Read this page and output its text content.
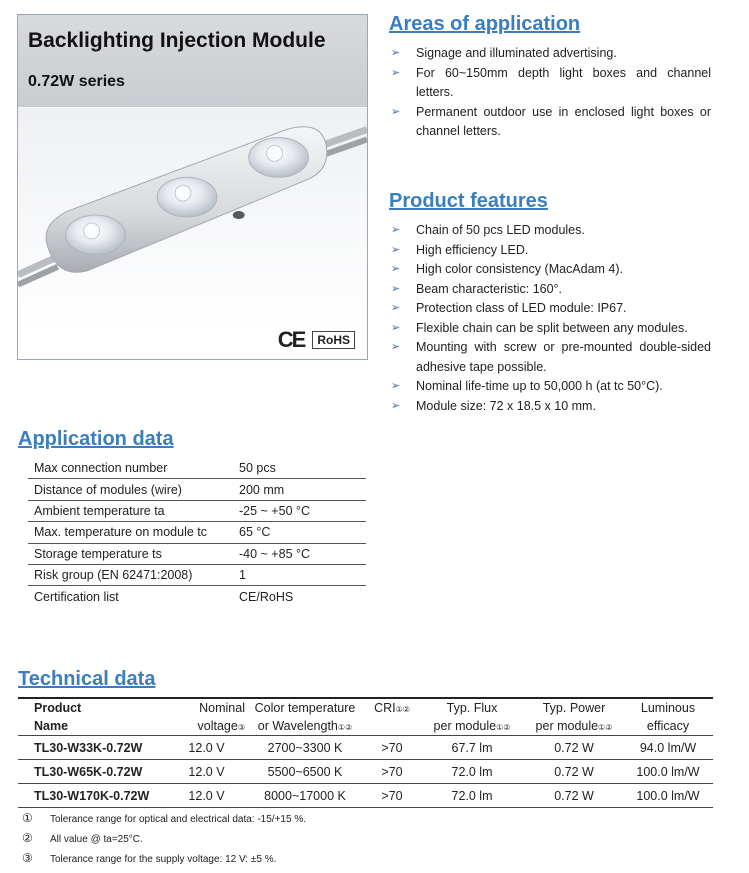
Backlighting Injection Module
0.72W series
CE	RoHS
Areas of application
➢ Signage and illuminated advertising.
➢ For 60~150mm depth light boxes and channel letters.
➢ Permanent outdoor use in enclosed light boxes or channel letters.
Product features
➢ Chain of 50 pcs LED modules.
➢ High efficiency LED.
➢ High color consistency (MacAdam 4).
➢ Beam characteristic: 160°.
➢ Protection class of LED module: IP67.
➢ Flexible chain can be split between any modules.
➢ Mounting with screw or pre-mounted double-sided adhesive tape possible.
➢ Nominal life-time up to 50,000 h (at tc 50°C).
➢ Module size: 72 x 18.5 x 10 mm.
Application data
Max connection number	50 pcs
Distance of modules (wire)	200 mm
Ambient temperature ta	-25 ~ +50 °C
Max. temperature on module tc	65 °C
Storage temperature ts	-40 ~ +85 °C
Risk group (EN 62471:2008)	1
Certification list	CE/RoHS
Technical data
Product	Nominal	Color temperature	CRI①②	Typ. Flux	Typ. Power	Luminous
Name	voltage③	or Wavelength①②		per module①②	per module①②	efficacy
TL30-W33K-0.72W	12.0 V	2700~3300 K	>70	67.7 lm	0.72 W	94.0 lm/W
TL30-W65K-0.72W	12.0 V	5500~6500 K	>70	72.0 lm	0.72 W	100.0 lm/W
TL30-W170K-0.72W	12.0 V	8000~17000 K	>70	72.0 lm	0.72 W	100.0 lm/W
① Tolerance range for optical and electrical data: -15/+15 %.
② All value @ ta=25°C.
③ Tolerance range for the supply voltage: 12 V: ±5 %.
